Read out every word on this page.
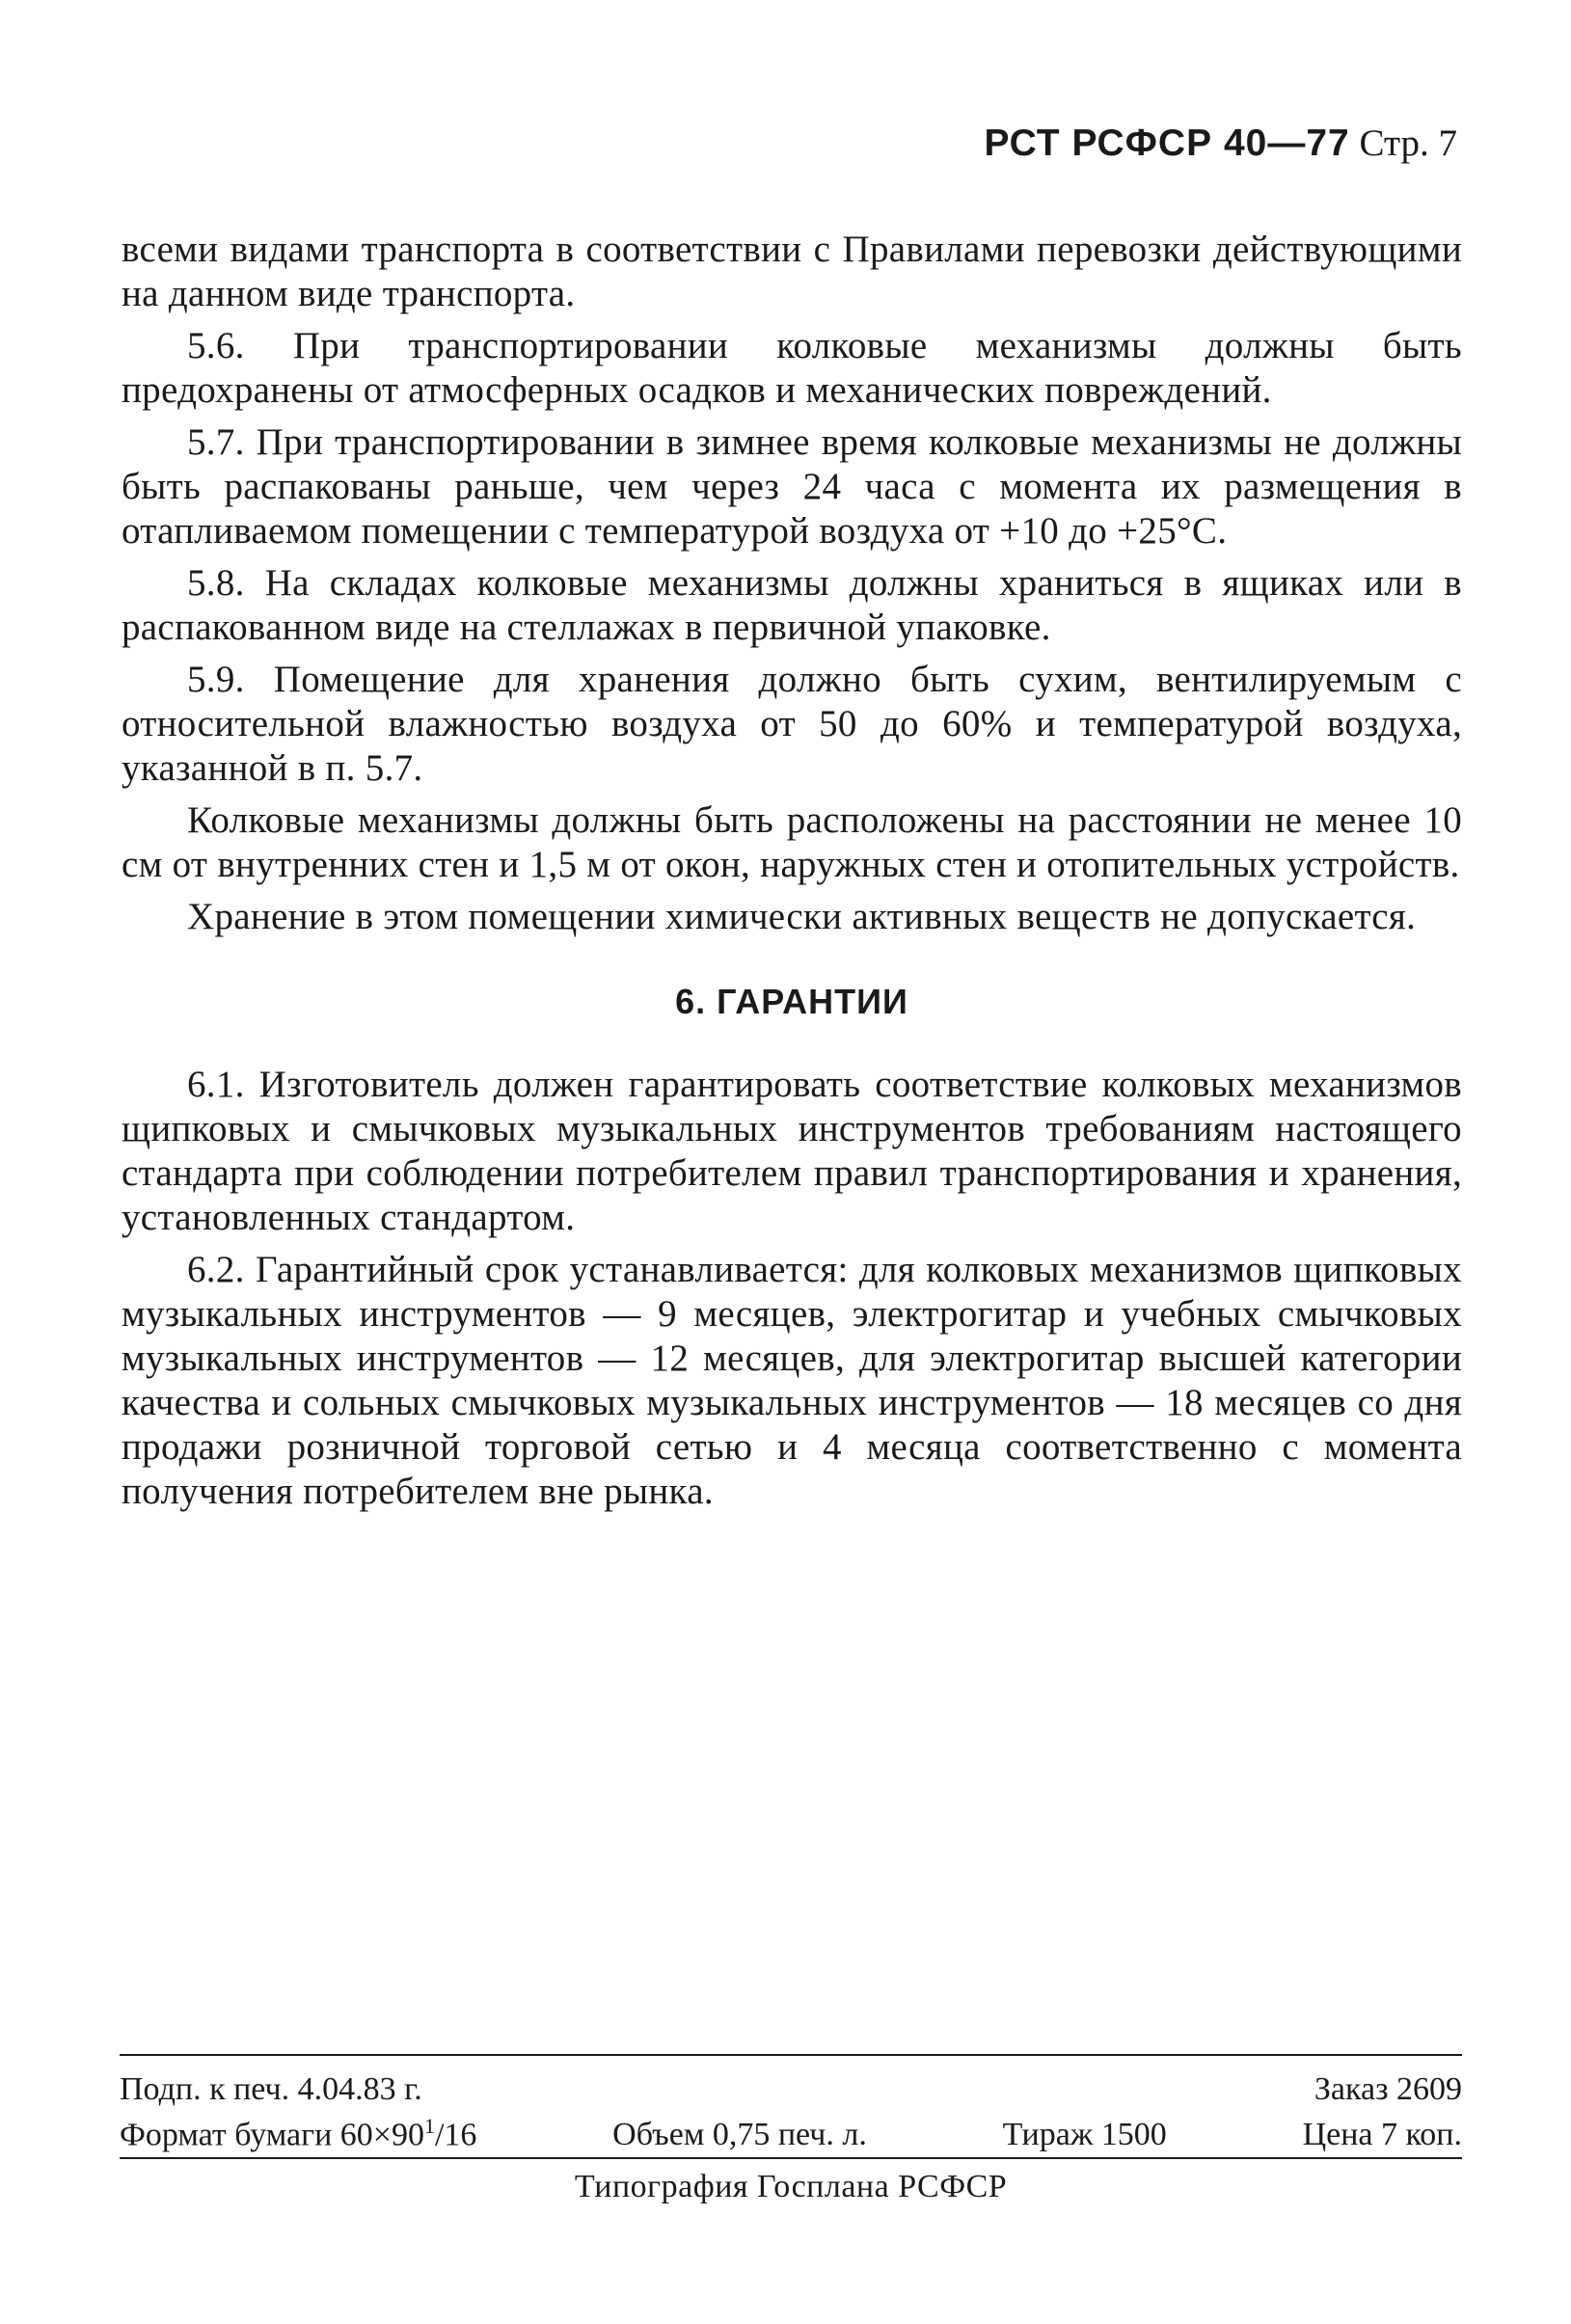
РСТ РСФСР 40—77 Стр. 7

всеми видами транспорта в соответствии с Правилами перевозки действующими на данном виде транспорта.

5.6. При транспортировании колковые механизмы должны быть предохранены от атмосферных осадков и механических повреждений.

5.7. При транспортировании в зимнее время колковые механизмы не должны быть распакованы раньше, чем через 24 часа с момента их размещения в отапливаемом помещении с температурой воздуха от +10 до +25°С.

5.8. На складах колковые механизмы должны храниться в ящиках или в распакованном виде на стеллажах в первичной упаковке.

5.9. Помещение для хранения должно быть сухим, вентилируемым с относительной влажностью воздуха от 50 до 60% и температурой воздуха, указанной в п. 5.7.

Колковые механизмы должны быть расположены на расстоянии не менее 10 см от внутренних стен и 1,5 м от окон, наружных стен и отопительных устройств.

Хранение в этом помещении химически активных веществ не допускается.

6. ГАРАНТИИ

6.1. Изготовитель должен гарантировать соответствие колковых механизмов щипковых и смычковых музыкальных инструментов требованиям настоящего стандарта при соблюдении потребителем правил транспортирования и хранения, установленных стандартом.

6.2. Гарантийный срок устанавливается: для колковых механизмов щипковых музыкальных инструментов — 9 месяцев, электрогитар и учебных смычковых музыкальных инструментов — 12 месяцев, для электрогитар высшей категории качества и сольных смычковых музыкальных инструментов — 18 месяцев со дня продажи розничной торговой сетью и 4 месяца соответственно с момента получения потребителем вне рынка.

Подп. к печ. 4.04.83 г.	Заказ 2609
Формат бумаги $60\times 90^1/16$	Объем 0,75 печ. л.	Тираж 1500	Цена 7 коп.
Типография Госплана РСФСР
